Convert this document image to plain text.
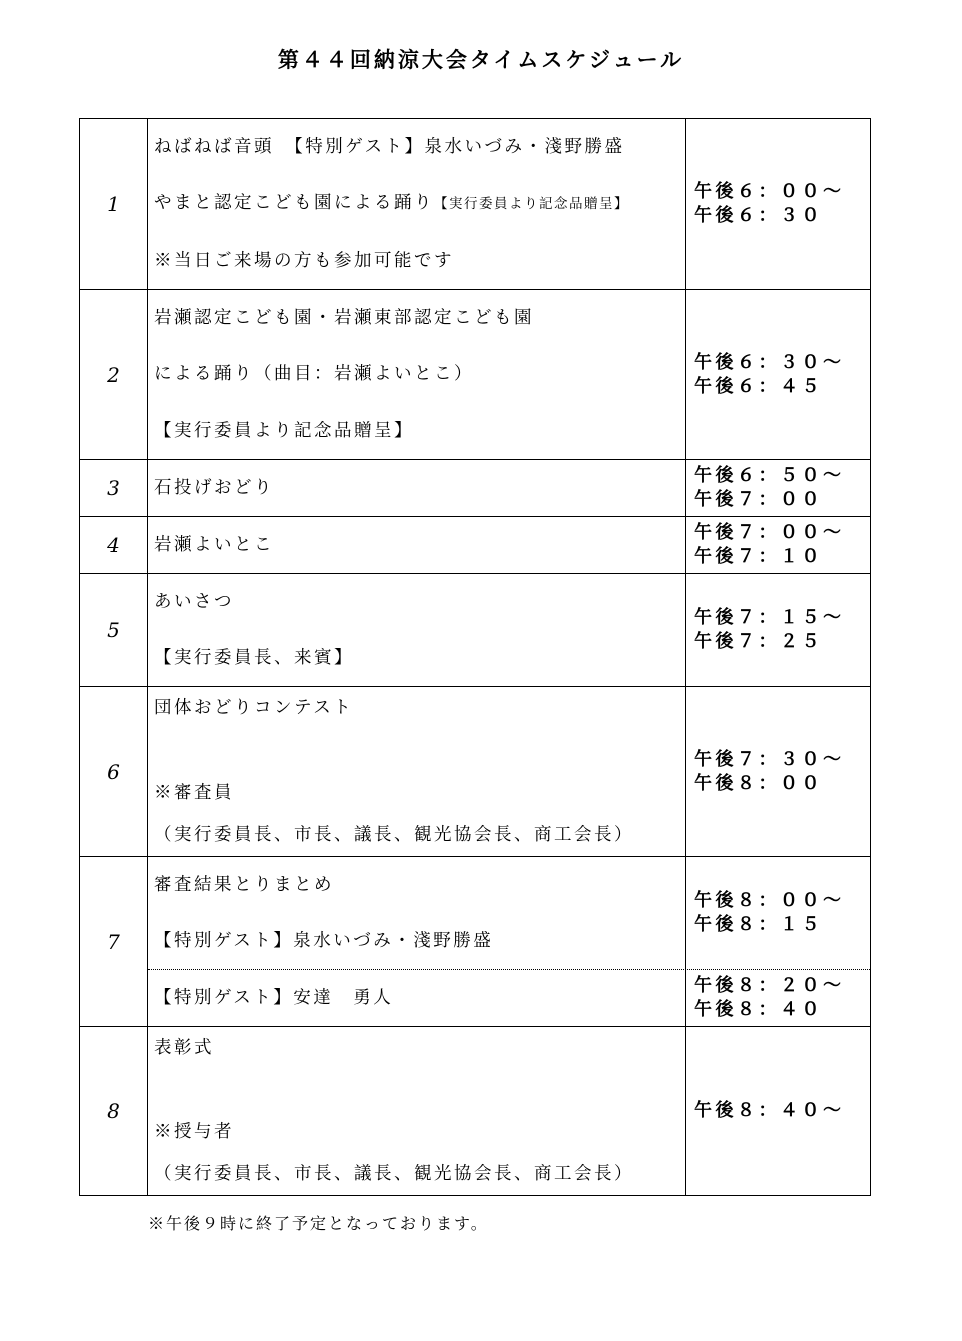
第４４回納涼大会タイムスケジュール
1
ねばねば音頭　【特別ゲスト】泉水いづみ・淺野勝盛
やまと認定こども園による踊り【実行委員より記念品贈呈】
※当日ご来場の方も参加可能です
午後６：００～
午後６：３０
2
岩瀬認定こども園・岩瀬東部認定こども園
による踊り（曲目：岩瀬よいとこ）
【実行委員より記念品贈呈】
午後６：３０～
午後６：４５
3	石投げおどり
午後６：５０～
午後７：００
4	岩瀬よいとこ
午後７：００～
午後７：１０
5
あいさつ
【実行委員長、来賓】
午後７：１５～
午後７：２５
6
団体おどりコンテスト
※審査員
（実行委員長、市長、議長、観光協会長、商工会長）
午後７：３０～
午後８：００
7
審査結果とりまとめ
【特別ゲスト】泉水いづみ・淺野勝盛
午後８：００～
午後８：１５
【特別ゲスト】安達　勇人
午後８：２０～
午後８：４０
8
表彰式
※授与者
（実行委員長、市長、議長、観光協会長、商工会長）
午後８：４０～
※午後９時に終了予定となっております。
